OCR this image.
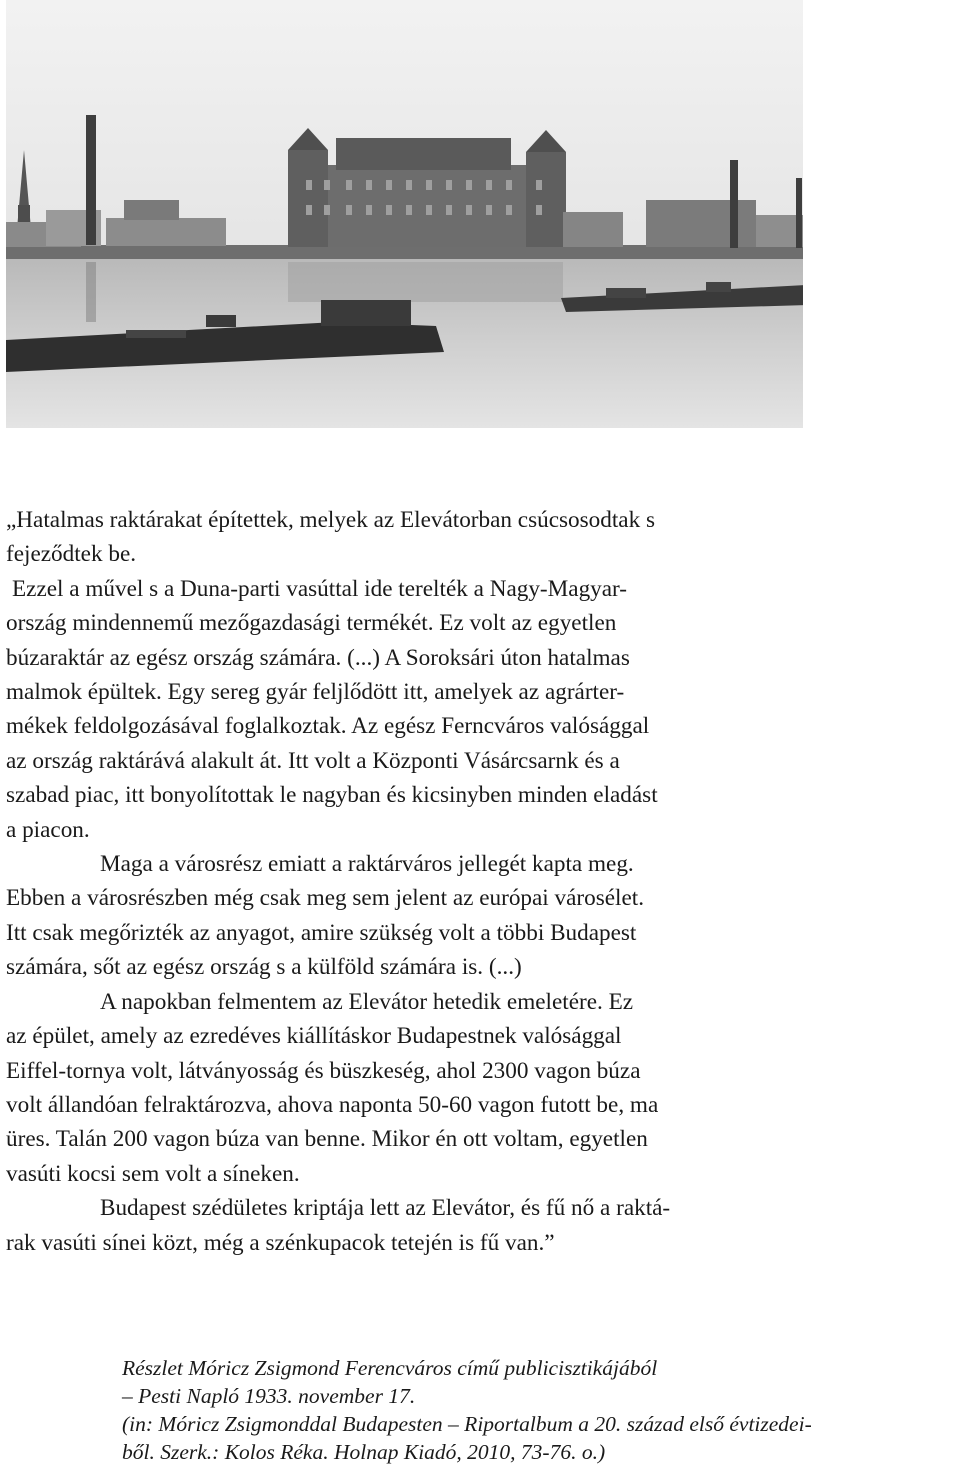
„Hatalmas raktárakat építettek, melyek az Elevátorban csúcsosodtak s
fejeződtek be.
Ezzel a művel s a Duna-parti vasúttal ide terelték a Nagy-Magyar-
ország mindennemű mezőgazdasági termékét. Ez volt az egyetlen
búzaraktár az egész ország számára. (...) A Soroksári úton hatalmas
malmok épültek. Egy sereg gyár feljlődött itt, amelyek az agrárter-
mékek feldolgozásával foglalkoztak. Az egész Ferncváros valósággal
az ország raktárává alakult át. Itt volt a Központi Vásárcsarnk és a
szabad piac, itt bonyolítottak le nagyban és kicsinyben minden eladást
a piacon.
Maga a városrész emiatt a raktárváros jellegét kapta meg.
Ebben a városrészben még csak meg sem jelent az európai városélet.
Itt csak megőrizték az anyagot, amire szükség volt a többi Budapest
számára, sőt az egész ország s a külföld számára is. (...)
A napokban felmentem az Elevátor hetedik emeletére. Ez
az épület, amely az ezredéves kiállításkor Budapestnek valósággal
Eiffel-tornya volt, látványosság és büszkeség, ahol 2300 vagon búza
volt állandóan felraktározva, ahova naponta 50-60 vagon futott be, ma
üres. Talán 200 vagon búza van benne. Mikor én ott voltam, egyetlen
vasúti kocsi sem volt a síneken.
Budapest szédületes kriptája lett az Elevátor, és fű nő a raktá-
rak vasúti sínei közt, még a szénkupacok tetején is fű van.”
Részlet Móricz Zsigmond Ferencváros című publicisztikájából
– Pesti Napló 1933. november 17.
(in: Móricz Zsigmonddal Budapesten – Riportalbum a 20. század első évtizedei-
ből. Szerk.: Kolos Réka. Holnap Kiadó, 2010, 73-76. o.)
